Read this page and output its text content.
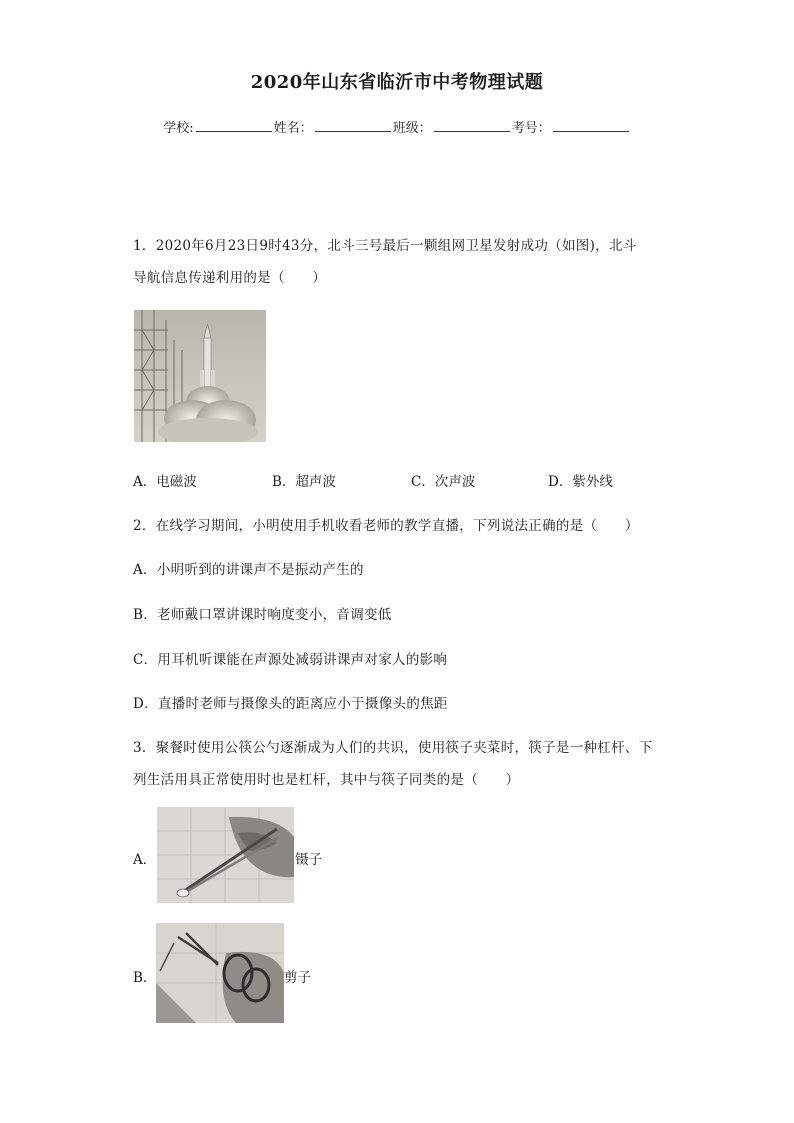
2020年山东省临沂市中考物理试题
学校:	姓名：	班级：	考号：
1．2020年6月23日9时43分，北斗三号最后一颗组网卫星发射成功（如图)，北斗
导航信息传递利用的是（　　）
A．电磁波	B．超声波	C．次声波	D．紫外线
2．在线学习期间，小明使用手机收看老师的教学直播，下列说法正确的是（　　）
A．小明听到的讲课声不是振动产生的
B．老师戴口罩讲课时响度变小，音调变低
C．用耳机听课能在声源处减弱讲课声对家人的影响
D．直播时老师与摄像头的距离应小于摄像头的焦距
3．聚餐时使用公筷公勺逐渐成为人们的共识，使用筷子夹菜时，筷子是一种杠杆、下
列生活用具正常使用时也是杠杆，其中与筷子同类的是（　　）
A．	镊子
B．	剪子
